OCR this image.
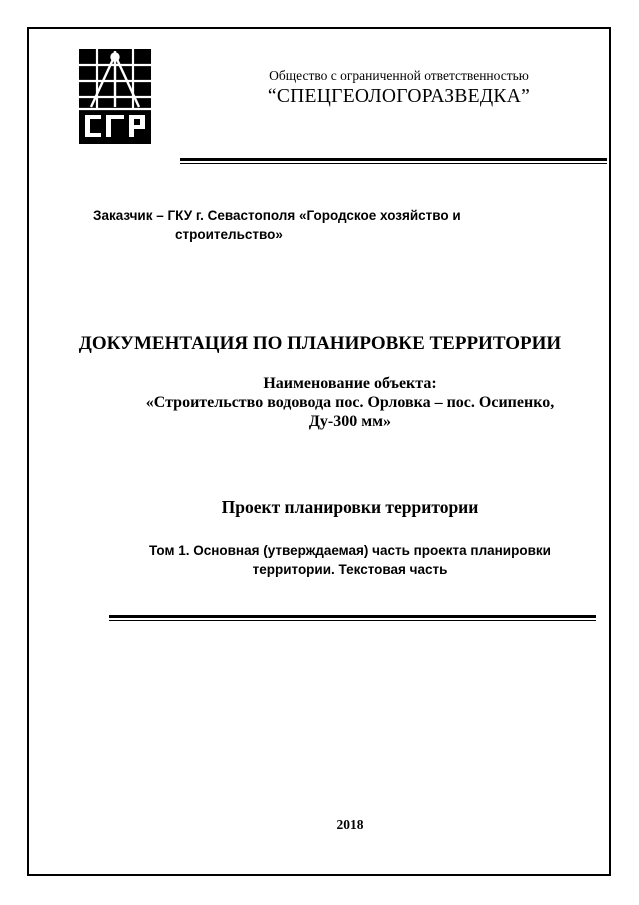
Общество с ограниченной ответственностью
“СПЕЦГЕОЛОГОРАЗВЕДКА”
Заказчик – ГКУ г. Севастополя «Городское хозяйство и
строительство»
ДОКУМЕНТАЦИЯ ПО ПЛАНИРОВКЕ ТЕРРИТОРИИ
Наименование объекта:
«Строительство водовода пос. Орловка – пос. Осипенко,
Ду-300 мм»
Проект планировки территории
Том 1. Основная (утверждаемая) часть проекта планировки
территории. Текстовая часть
2018
